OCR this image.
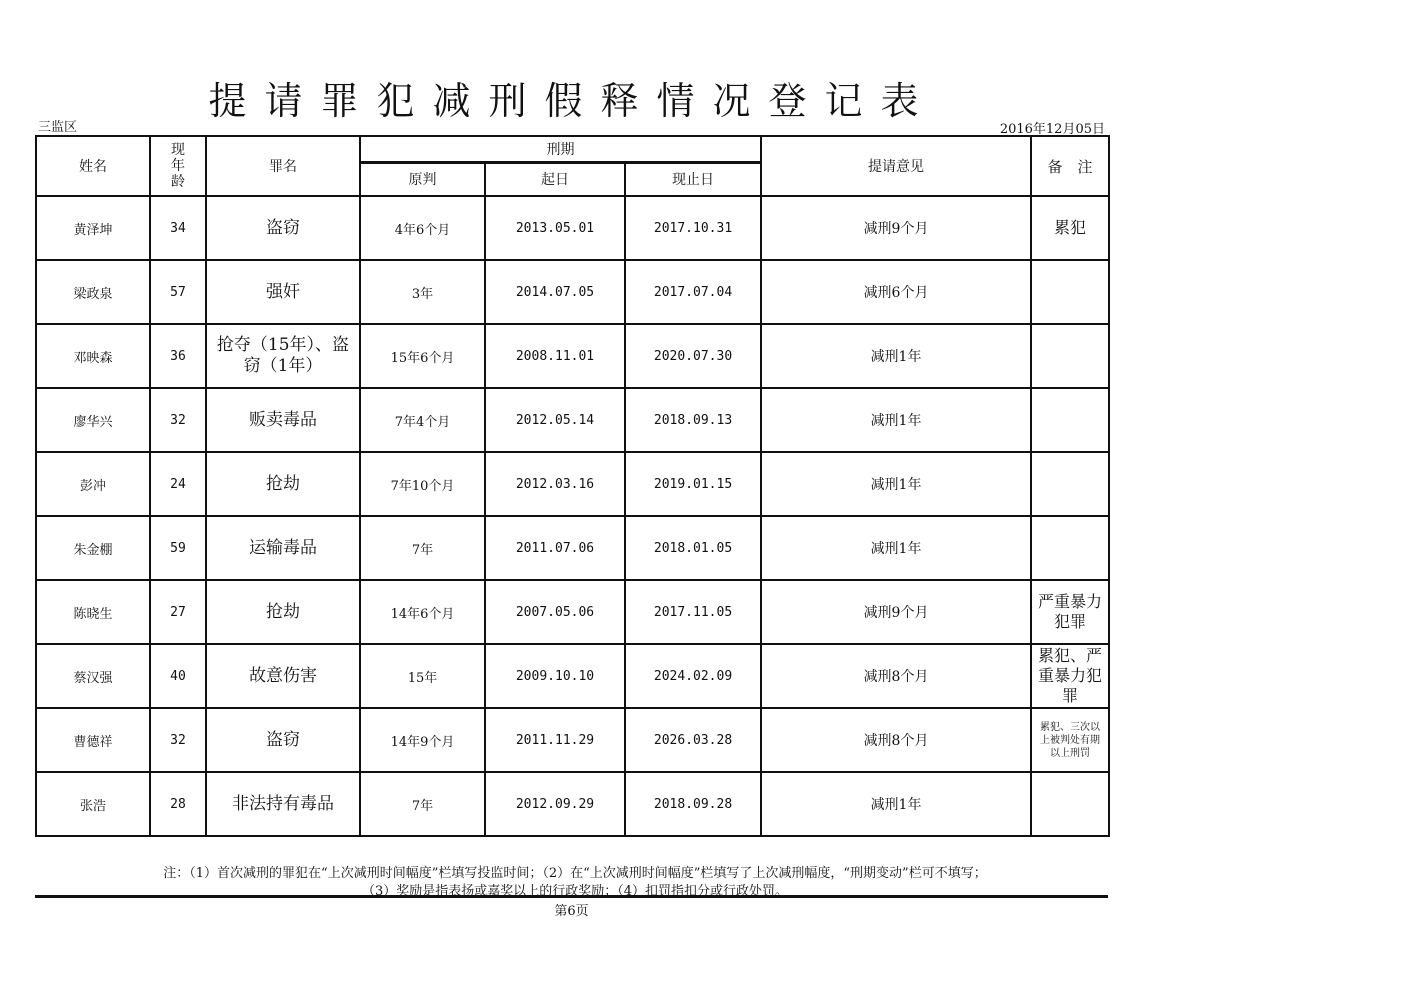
提请罪犯减刑假释情况登记表
三监区	2016年12月05日
姓名	现年龄	罪名	刑期			提请意见	备　注
			原判	起日	现止日		
黄泽坤	34	盗窃	4年6个月	2013.05.01	2017.10.31	减刑9个月	累犯
梁政泉	57	强奸	3年	2014.07.05	2017.07.04	减刑6个月	
邓映森	36	抢夺（15年）、盗窃（1年）	15年6个月	2008.11.01	2020.07.30	减刑1年	
廖华兴	32	贩卖毒品	7年4个月	2012.05.14	2018.09.13	减刑1年	
彭冲	24	抢劫	7年10个月	2012.03.16	2019.01.15	减刑1年	
朱金棚	59	运输毒品	7年	2011.07.06	2018.01.05	减刑1年	
陈晓生	27	抢劫	14年6个月	2007.05.06	2017.11.05	减刑9个月	严重暴力犯罪
蔡汉强	40	故意伤害	15年	2009.10.10	2024.02.09	减刑8个月	累犯、严重暴力犯罪
曹德祥	32	盗窃	14年9个月	2011.11.29	2026.03.28	减刑8个月	累犯、三次以上被判处有期以上刑罚
张浩	28	非法持有毒品	7年	2012.09.29	2018.09.28	减刑1年	
注：（1）首次减刑的罪犯在“上次减刑时间幅度”栏填写投监时间；（2）在“上次减刑时间幅度”栏填写了上次减刑幅度，“刑期变动”栏可不填写；
（3）奖励是指表扬或嘉奖以上的行政奖励；（4）扣罚指扣分或行政处罚。
第6页
